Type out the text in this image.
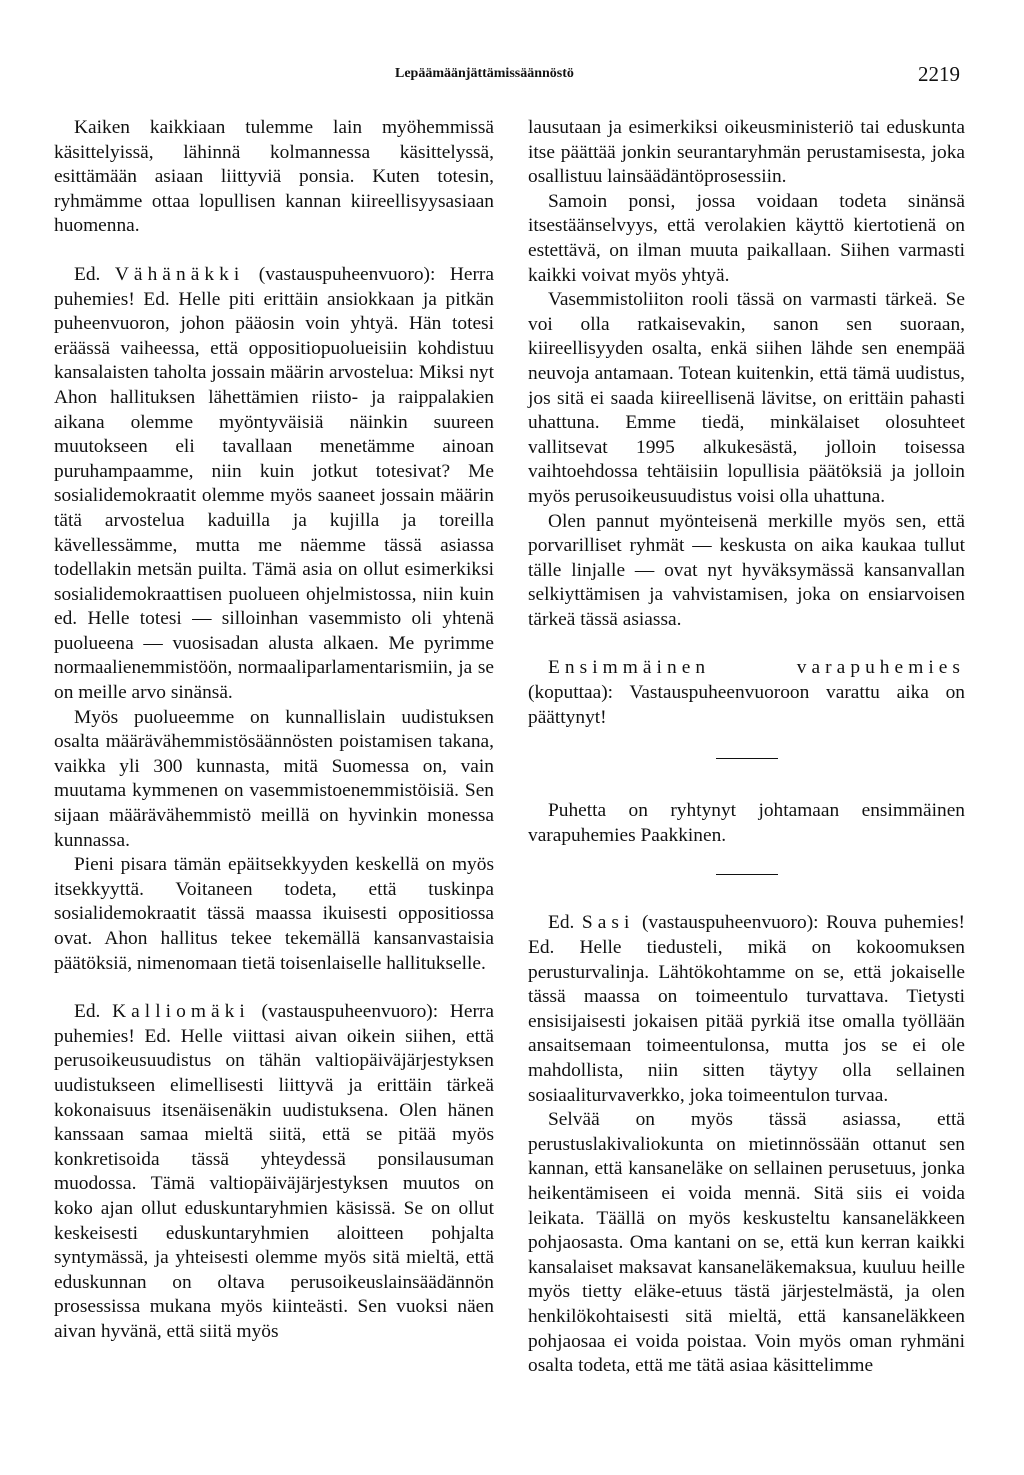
Lepäämäänjättämissäännöstö	2219

Kaiken kaikkiaan tulemme lain myöhemmissä käsittelyissä, lähinnä kolmannessa käsittelyssä, esittämään asiaan liittyviä ponsia. Kuten totesin, ryhmämme ottaa lopullisen kannan kiireellisyysasiaan huomenna.

Ed. Vähänäkki (vastauspuheenvuoro): Herra puhemies! Ed. Helle piti erittäin ansiokkaan ja pitkän puheenvuoron, johon pääosin voin yhtyä. Hän totesi eräässä vaiheessa, että oppositiopuolueisiin kohdistuu kansalaisten taholta jossain määrin arvostelua: Miksi nyt Ahon hallituksen lähettämien riisto- ja raippalakien aikana olemme myöntyväisiä näinkin suureen muutokseen eli tavallaan menetämme ainoan puruhampaamme, niin kuin jotkut totesivat? Me sosialidemokraatit olemme myös saaneet jossain määrin tätä arvostelua kaduilla ja kujilla ja toreilla kävellessämme, mutta me näemme tässä asiassa todellakin metsän puilta. Tämä asia on ollut esimerkiksi sosialidemokraattisen puolueen ohjelmistossa, niin kuin ed. Helle totesi — silloinhan vasemmisto oli yhtenä puolueena — vuosisadan alusta alkaen. Me pyrimme normaalienemmistöön, normaaliparlamentarismiin, ja se on meille arvo sinänsä.

Myös puolueemme on kunnallislain uudistuksen osalta määrävähemmistösäännösten poistamisen takana, vaikka yli 300 kunnasta, mitä Suomessa on, vain muutama kymmenen on vasemmistoenemmistöisiä. Sen sijaan määrävähemmistö meillä on hyvinkin monessa kunnassa.

Pieni pisara tämän epäitsekkyyden keskellä on myös itsekkyyttä. Voitaneen todeta, että tuskinpa sosialidemokraatit tässä maassa ikuisesti oppositiossa ovat. Ahon hallitus tekee tekemällä kansanvastaisia päätöksiä, nimenomaan tietä toisenlaiselle hallitukselle.

Ed. Kalliomäki (vastauspuheenvuoro): Herra puhemies! Ed. Helle viittasi aivan oikein siihen, että perusoikeusuudistus on tähän valtiopäiväjärjestyksen uudistukseen elimellisesti liittyvä ja erittäin tärkeä kokonaisuus itsenäisenäkin uudistuksena. Olen hänen kanssaan samaa mieltä siitä, että se pitää myös konkretisoida tässä yhteydessä ponsilausuman muodossa. Tämä valtiopäiväjärjestyksen muutos on koko ajan ollut eduskuntaryhmien käsissä. Se on ollut keskeisesti eduskuntaryhmien aloitteen pohjalta syntymässä, ja yhteisesti olemme myös sitä mieltä, että eduskunnan on oltava perusoikeuslainsäädännön prosessissa mukana myös kiinteästi. Sen vuoksi näen aivan hyvänä, että siitä myös

lausutaan ja esimerkiksi oikeusministeriö tai eduskunta itse päättää jonkin seurantaryhmän perustamisesta, joka osallistuu lainsäädäntöprosessiin.

Samoin ponsi, jossa voidaan todeta sinänsä itsestäänselvyys, että verolakien käyttö kiertotienä on estettävä, on ilman muuta paikallaan. Siihen varmasti kaikki voivat myös yhtyä.

Vasemmistoliiton rooli tässä on varmasti tärkeä. Se voi olla ratkaisevakin, sanon sen suoraan, kiireellisyyden osalta, enkä siihen lähde sen enempää neuvoja antamaan. Totean kuitenkin, että tämä uudistus, jos sitä ei saada kiireellisenä lävitse, on erittäin pahasti uhattuna. Emme tiedä, minkälaiset olosuhteet vallitsevat 1995 alkukesästä, jolloin toisessa vaihtoehdossa tehtäisiin lopullisia päätöksiä ja jolloin myös perusoikeusuudistus voisi olla uhattuna.

Olen pannut myönteisenä merkille myös sen, että porvarilliset ryhmät — keskusta on aika kaukaa tullut tälle linjalle — ovat nyt hyväksymässä kansanvallan selkiyttämisen ja vahvistamisen, joka on ensiarvoisen tärkeä tässä asiassa.

Ensimmäinen varapuhemies (koputtaa): Vastauspuheenvuoroon varattu aika on päättynyt!

Puhetta on ryhtynyt johtamaan ensimmäinen varapuhemies Paakkinen.

Ed. Sasi (vastauspuheenvuoro): Rouva puhemies! Ed. Helle tiedusteli, mikä on kokoomuksen perusturvalinja. Lähtökohtamme on se, että jokaiselle tässä maassa on toimeentulo turvattava. Tietysti ensisijaisesti jokaisen pitää pyrkiä itse omalla työllään ansaitsemaan toimeentulonsa, mutta jos se ei ole mahdollista, niin sitten täytyy olla sellainen sosiaaliturvaverkko, joka toimeentulon turvaa.

Selvää on myös tässä asiassa, että perustuslakivaliokunta on mietinnössään ottanut sen kannan, että kansaneläke on sellainen perusetuus, jonka heikentämiseen ei voida mennä. Sitä siis ei voida leikata. Täällä on myös keskusteltu kansaneläkkeen pohjaosasta. Oma kantani on se, että kun kerran kaikki kansalaiset maksavat kansaneläkemaksua, kuuluu heille myös tietty eläke-etuus tästä järjestelmästä, ja olen henkilökohtaisesti sitä mieltä, että kansaneläkkeen pohjaosaa ei voida poistaa. Voin myös oman ryhmäni osalta todeta, että me tätä asiaa käsittelimme
